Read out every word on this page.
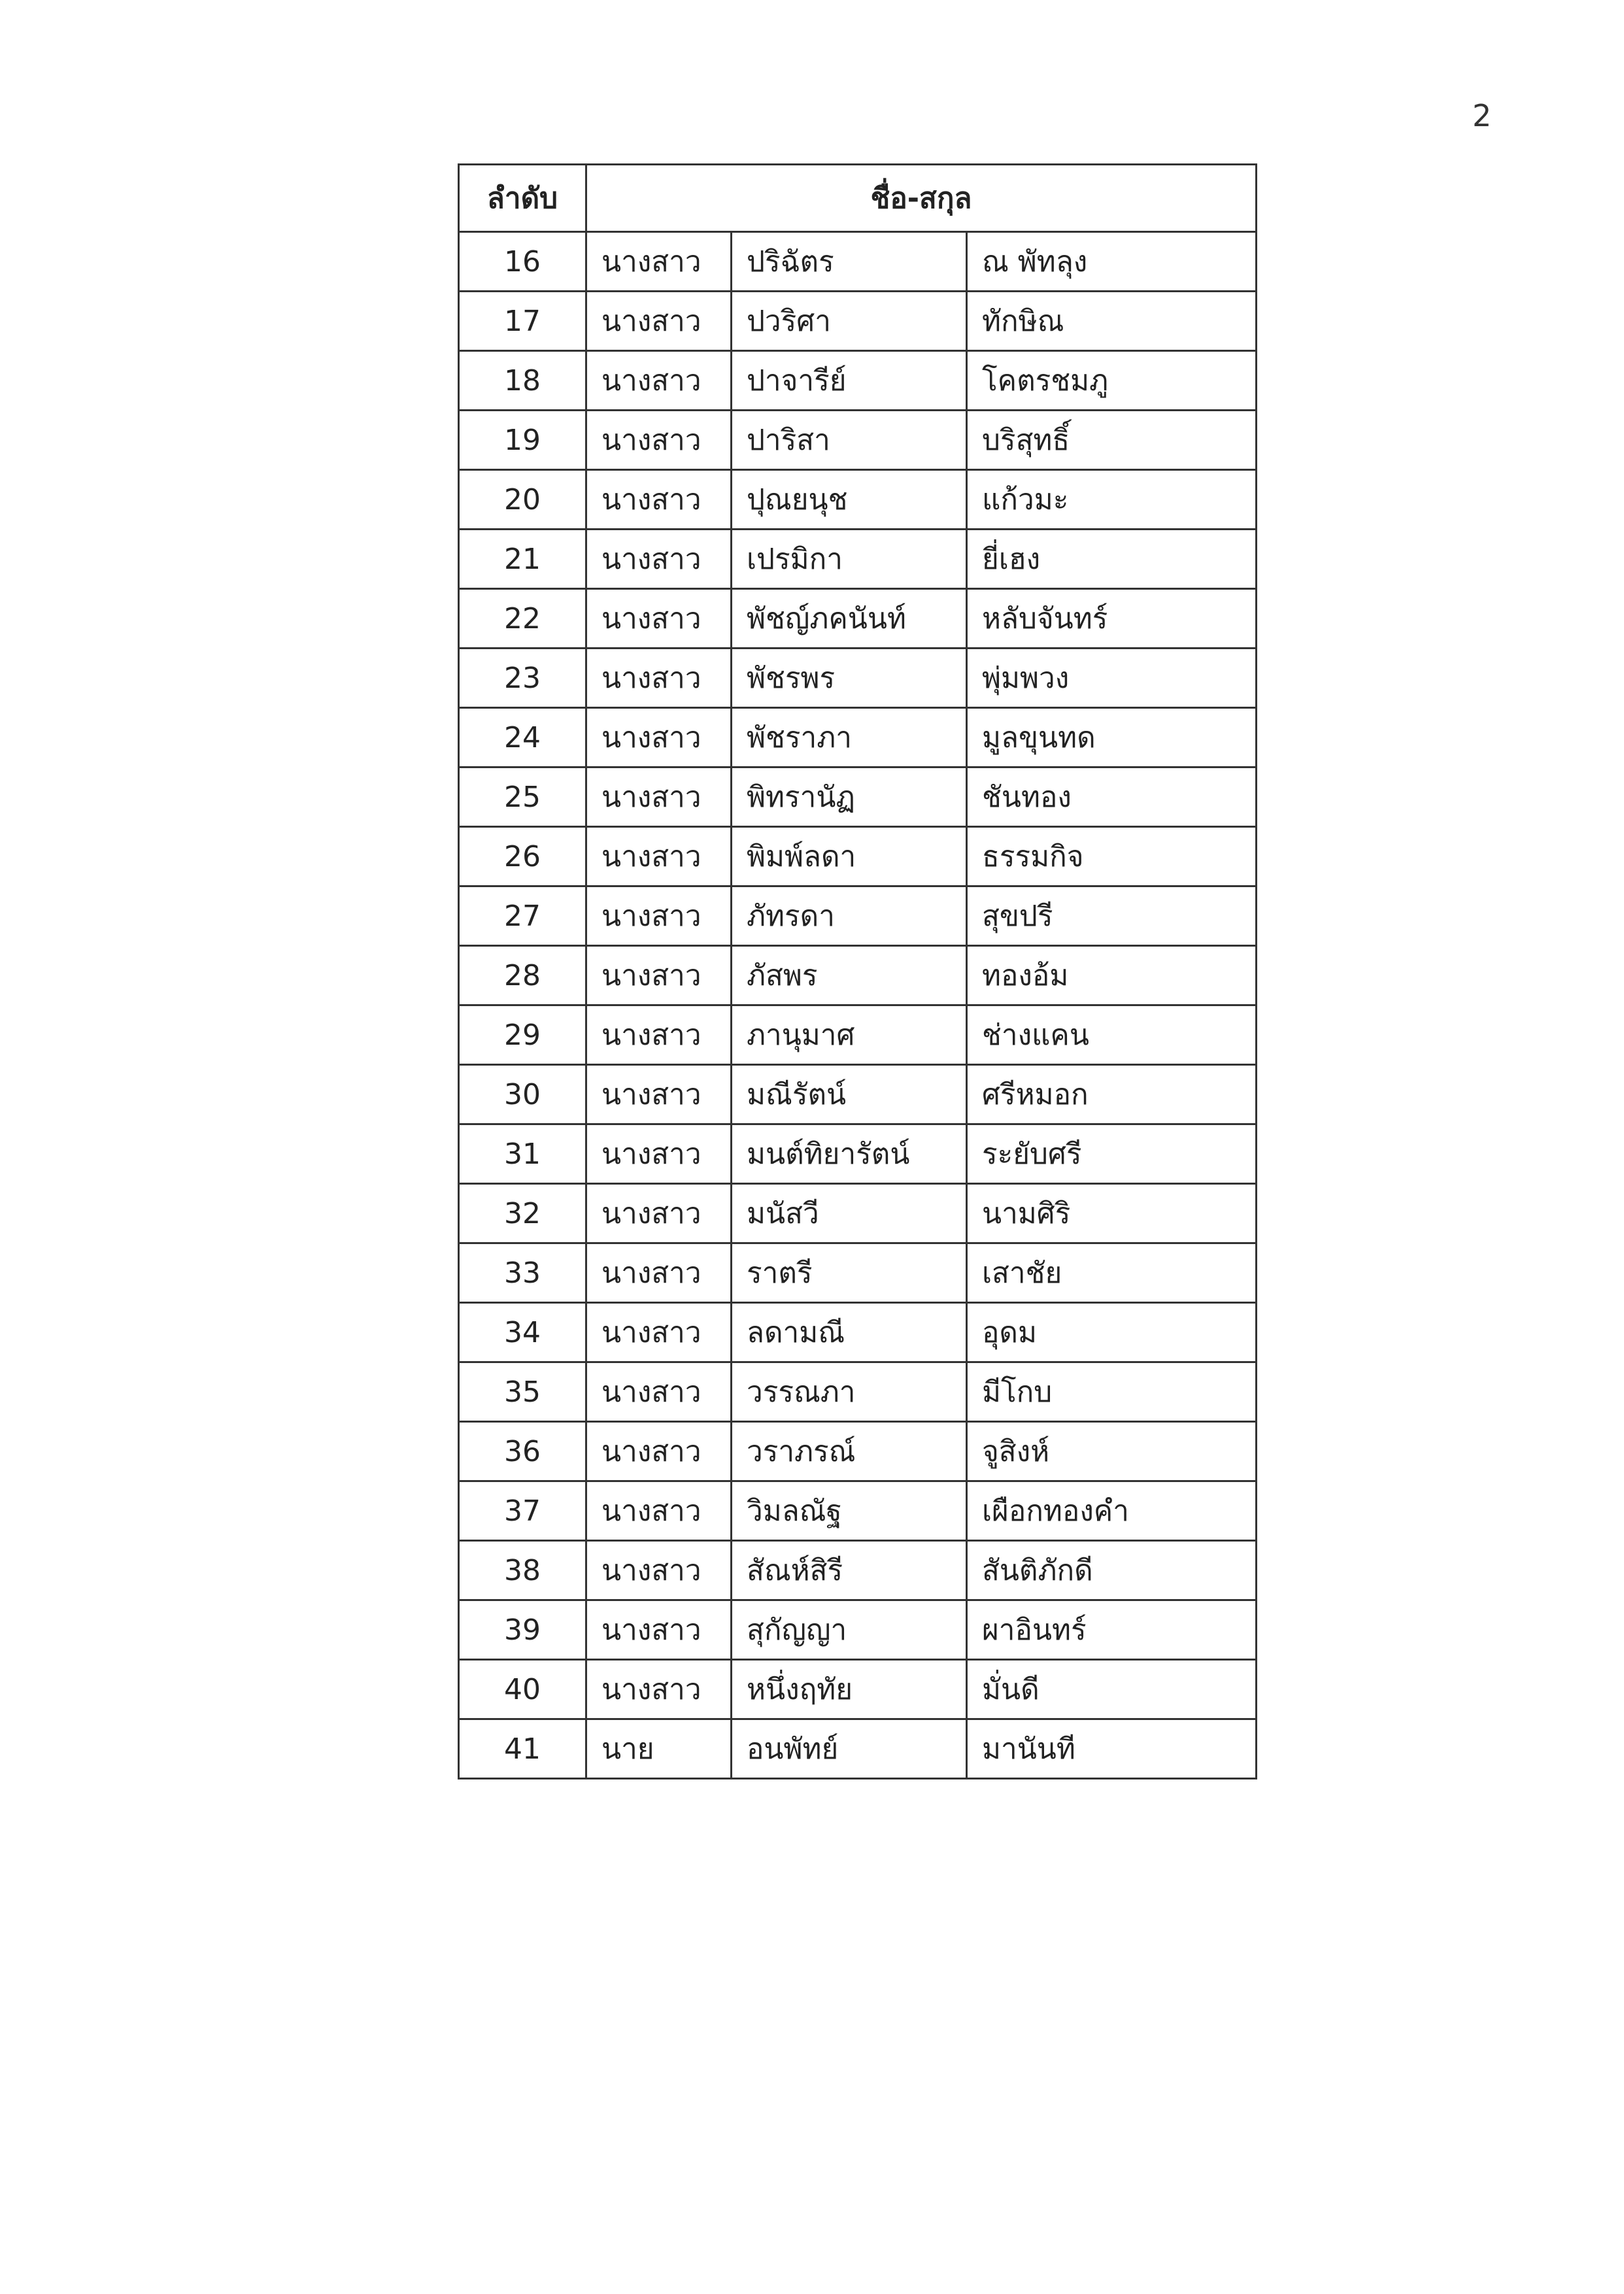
2
ลำดับ	ชื่อ-สกุล		
16	นางสาว	ปริฉัตร	ณ พัทลุง
17	นางสาว	ปวริศา	ทักษิณ
18	นางสาว	ปาจารีย์	โคตรชมภู
19	นางสาว	ปาริสา	บริสุทธิ์
20	นางสาว	ปุณยนุช	แก้วมะ
21	นางสาว	เปรมิกา	ยี่เฮง
22	นางสาว	พัชญ์ภคนันท์	หลับจันทร์
23	นางสาว	พัชรพร	พุ่มพวง
24	นางสาว	พัชราภา	มูลขุนทด
25	นางสาว	พิทรานัฏ	ชันทอง
26	นางสาว	พิมพ์ลดา	ธรรมกิจ
27	นางสาว	ภัทรดา	สุขปรี
28	นางสาว	ภัสพร	ทองอ้ม
29	นางสาว	ภานุมาศ	ช่างแคน
30	นางสาว	มณีรัตน์	ศรีหมอก
31	นางสาว	มนต์ทิยารัตน์	ระยับศรี
32	นางสาว	มนัสวี	นามศิริ
33	นางสาว	ราตรี	เสาชัย
34	นางสาว	ลดามณี	อุดม
35	นางสาว	วรรณภา	มีโกบ
36	นางสาว	วราภรณ์	จูสิงห์
37	นางสาว	วิมลณัฐ	เผือกทองคำ
38	นางสาว	สัณห์สิรี	สันติภักดี
39	นางสาว	สุกัญญา	ผาอินทร์
40	นางสาว	หนึ่งฤทัย	มั่นดี
41	นาย	อนพัทย์	มานันที
